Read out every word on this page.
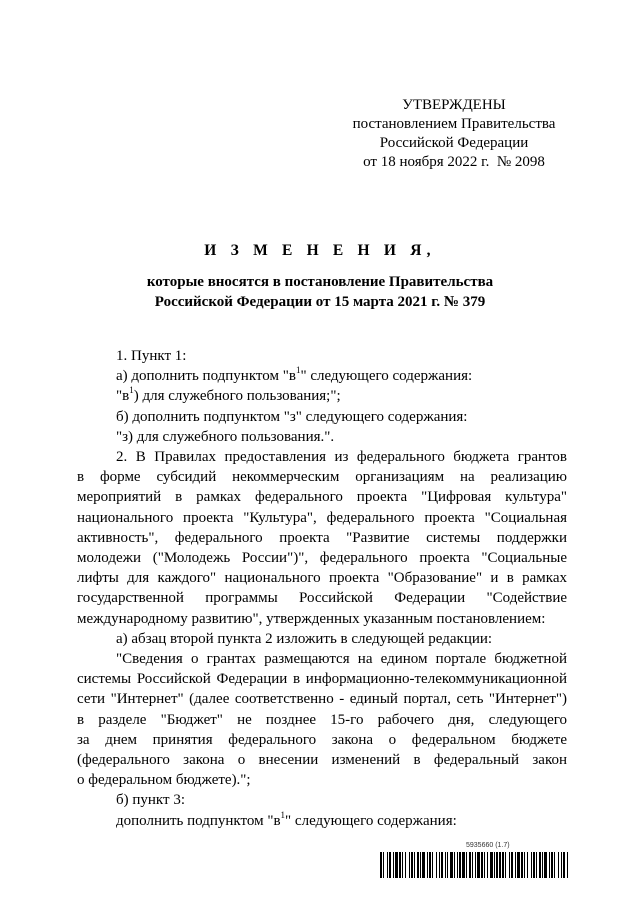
УТВЕРЖДЕНЫ
постановлением Правительства
Российской Федерации
от 18 ноября 2022 г.  № 2098
И З М Е Н Е Н И Я,
которые вносятся в постановление Правительства
Российской Федерации от 15 марта 2021 г. № 379

1. Пункт 1:

а) дополнить подпунктом "$в^1$" следующего содержания:

"$в^1$) для служебного пользования;";

б) дополнить подпунктом "з" следующего содержания:

"з) для служебного пользования.".

2. В Правилах предоставления из федерального бюджета грантов

в форме субсидий некоммерческим организациям на реализацию

мероприятий в рамках федерального проекта "Цифровая культура"

национального проекта "Культура", федерального проекта "Социальная

активность", федерального проекта "Развитие системы поддержки

молодежи ("Молодежь России")", федерального проекта "Социальные

лифты для каждого" национального проекта "Образование" и в рамках

государственной программы Российской Федерации "Содействие

международному развитию", утвержденных указанным постановлением:

а) абзац второй пункта 2 изложить в следующей редакции:

"Сведения о грантах размещаются на едином портале бюджетной

системы Российской Федерации в информационно-телекоммуникационной

сети "Интернет" (далее соответственно - единый портал, сеть "Интернет")

в разделе "Бюджет" не позднее 15-го рабочего дня, следующего

за днем принятия федерального закона о федеральном бюджете

(федерального закона о внесении изменений в федеральный закон

о федеральном бюджете).";

б) пункт 3:

дополнить подпунктом "$в^1$" следующего содержания:

5935660 (1.7)
